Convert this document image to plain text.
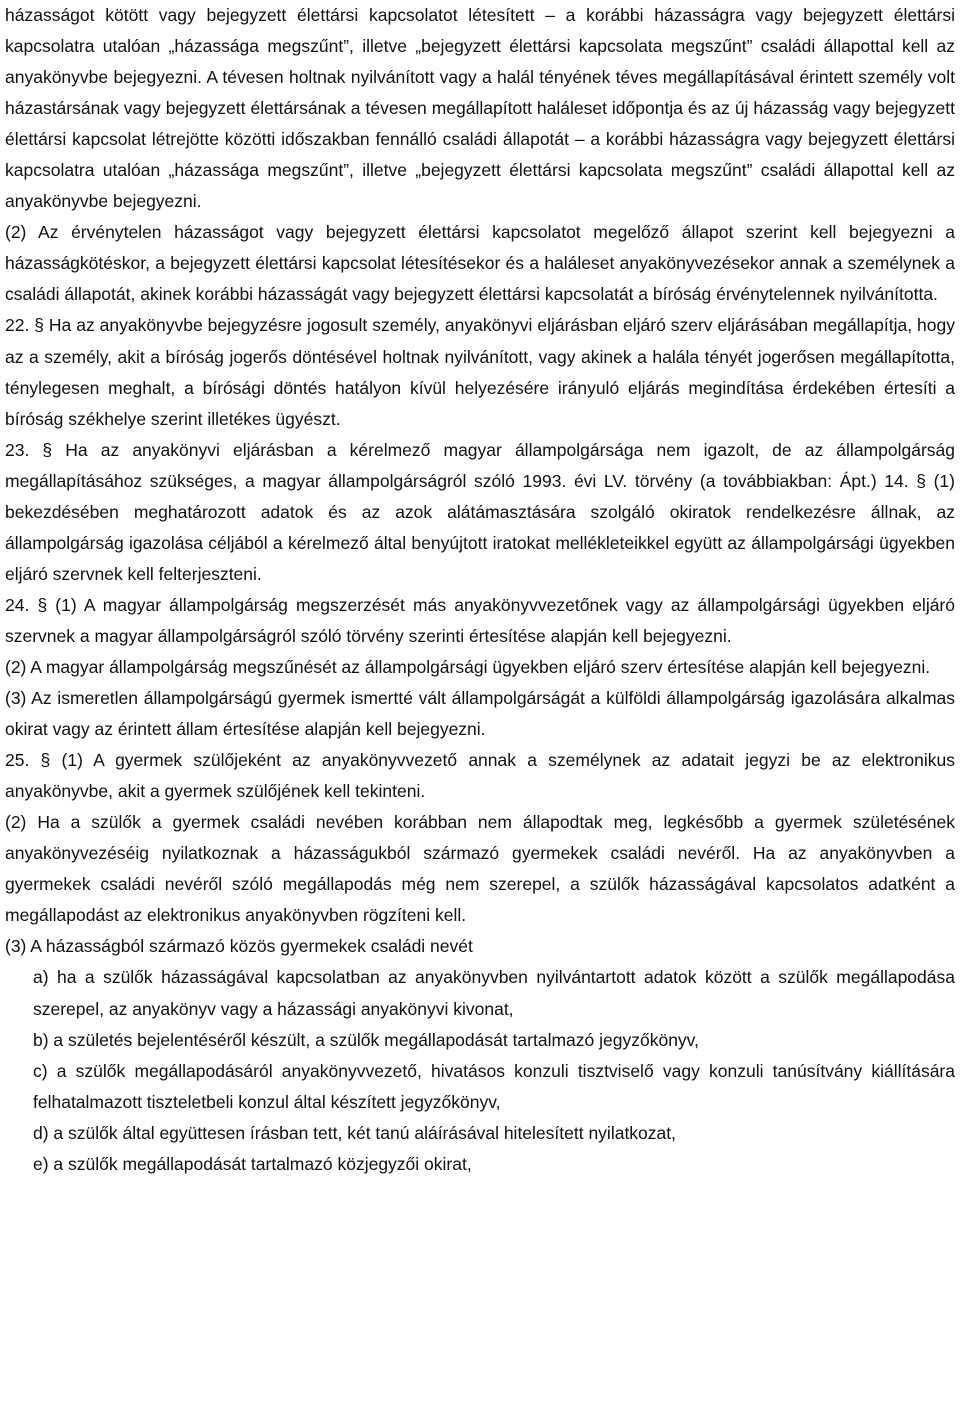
házasságot kötött vagy bejegyzett élettársi kapcsolatot létesített – a korábbi házasságra vagy bejegyzett élettársi kapcsolatra utalóan „házassága megszűnt”, illetve „bejegyzett élettársi kapcsolata megszűnt” családi állapottal kell az anyakönyvbe bejegyezni. A tévesen holtnak nyilvánított vagy a halál tényének téves megállapításával érintett személy volt házastársának vagy bejegyzett élettársának a tévesen megállapított haláleset időpontja és az új házasság vagy bejegyzett élettársi kapcsolat létrejötte közötti időszakban fennálló családi állapotát – a korábbi házasságra vagy bejegyzett élettársi kapcsolatra utalóan „házassága megszűnt”, illetve „bejegyzett élettársi kapcsolata megszűnt” családi állapottal kell az anyakönyvbe bejegyezni.

(2) Az érvénytelen házasságot vagy bejegyzett élettársi kapcsolatot megelőző állapot szerint kell bejegyezni a házasságkötéskor, a bejegyzett élettársi kapcsolat létesítésekor és a haláleset anyakönyvezésekor annak a személynek a családi állapotát, akinek korábbi házasságát vagy bejegyzett élettársi kapcsolatát a bíróság érvénytelennek nyilvánította.

22. § Ha az anyakönyvbe bejegyzésre jogosult személy, anyakönyvi eljárásban eljáró szerv eljárásában megállapítja, hogy az a személy, akit a bíróság jogerős döntésével holtnak nyilvánított, vagy akinek a halála tényét jogerősen megállapította, ténylegesen meghalt, a bírósági döntés hatályon kívül helyezésére irányuló eljárás megindítása érdekében értesíti a bíróság székhelye szerint illetékes ügyészt.

23. § Ha az anyakönyvi eljárásban a kérelmező magyar állampolgársága nem igazolt, de az állampolgárság megállapításához szükséges, a magyar állampolgárságról szóló 1993. évi LV. törvény (a továbbiakban: Ápt.) 14. § (1) bekezdésében meghatározott adatok és az azok alátámasztására szolgáló okiratok rendelkezésre állnak, az állampolgárság igazolása céljából a kérelmező által benyújtott iratokat mellékleteikkel együtt az állampolgársági ügyekben eljáró szervnek kell felterjeszteni.

24. § (1) A magyar állampolgárság megszerzését más anyakönyvvezetőnek vagy az állampolgársági ügyekben eljáró szervnek a magyar állampolgárságról szóló törvény szerinti értesítése alapján kell bejegyezni.

(2) A magyar állampolgárság megszűnését az állampolgársági ügyekben eljáró szerv értesítése alapján kell bejegyezni.

(3) Az ismeretlen állampolgárságú gyermek ismertté vált állampolgárságát a külföldi állampolgárság igazolására alkalmas okirat vagy az érintett állam értesítése alapján kell bejegyezni.

25. § (1) A gyermek szülőjeként az anyakönyvvezető annak a személynek az adatait jegyzi be az elektronikus anyakönyvbe, akit a gyermek szülőjének kell tekinteni.

(2) Ha a szülők a gyermek családi nevében korábban nem állapodtak meg, legkésőbb a gyermek születésének anyakönyvezéséig nyilatkoznak a házasságukból származó gyermekek családi nevéről. Ha az anyakönyvben a gyermekek családi nevéről szóló megállapodás még nem szerepel, a szülők házasságával kapcsolatos adatként a megállapodást az elektronikus anyakönyvben rögzíteni kell.

(3) A házasságból származó közös gyermekek családi nevét

a) ha a szülők házasságával kapcsolatban az anyakönyvben nyilvántartott adatok között a szülők megállapodása szerepel, az anyakönyv vagy a házassági anyakönyvi kivonat,

b) a születés bejelentéséről készült, a szülők megállapodását tartalmazó jegyzőkönyv,

c) a szülők megállapodásáról anyakönyvvezető, hivatásos konzuli tisztviselő vagy konzuli tanúsítvány kiállítására felhatalmazott tiszteletbeli konzul által készített jegyzőkönyv,

d) a szülők által együttesen írásban tett, két tanú aláírásával hitelesített nyilatkozat,

e) a szülők megállapodását tartalmazó közjegyzői okirat,
